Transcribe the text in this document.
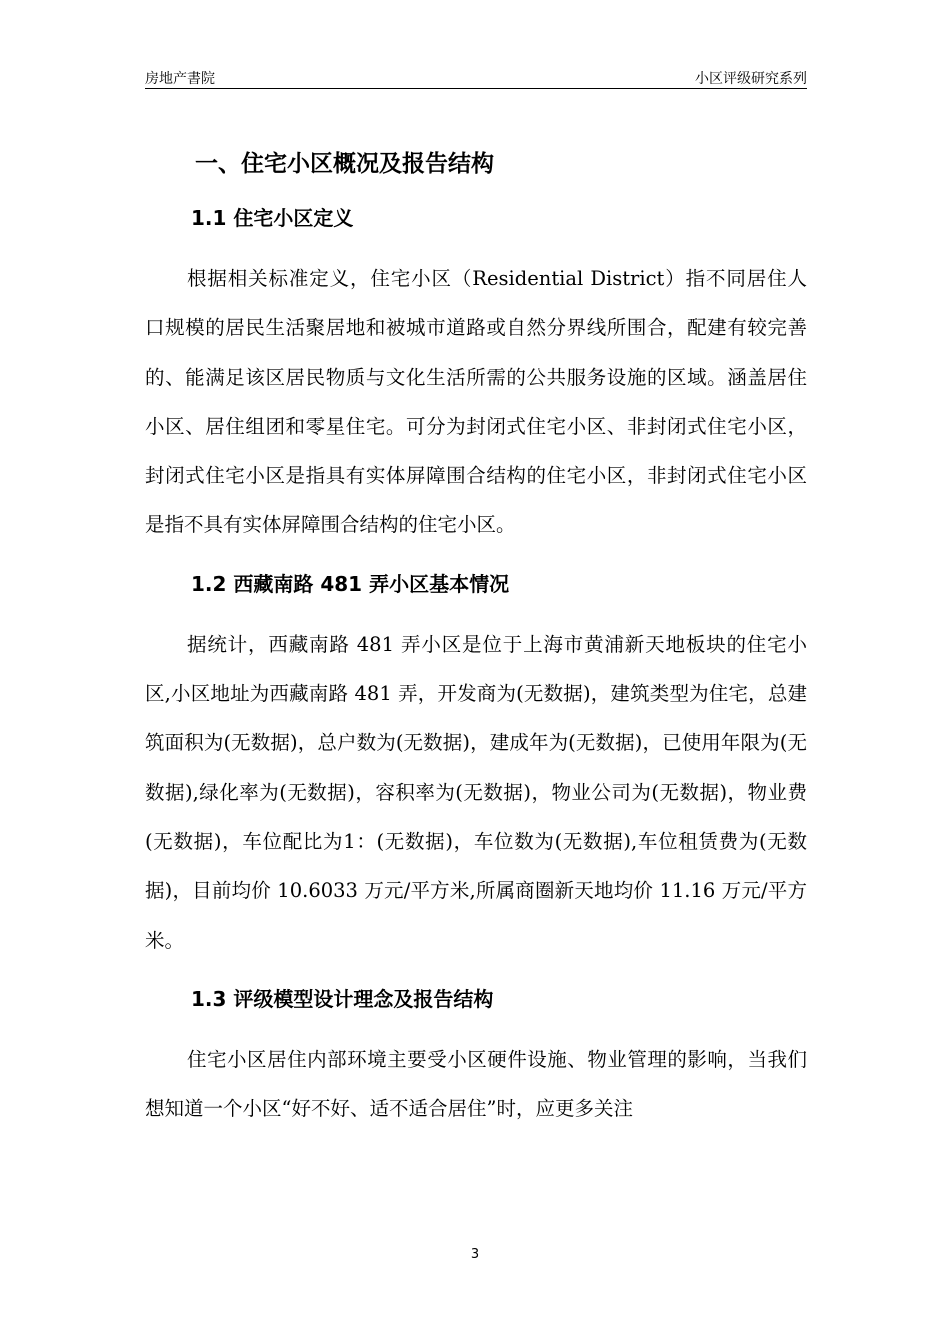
房地产書院	小区评级研究系列
一、住宅小区概况及报告结构
1.1 住宅小区定义

根据相关标准定义，住宅小区（Residential District）指不同居住人口规模的居民生活聚居地和被城市道路或自然分界线所围合，配建有较完善的、能满足该区居民物质与文化生活所需的公共服务设施的区域。涵盖居住小区、居住组团和零星住宅。可分为封闭式住宅小区、非封闭式住宅小区，封闭式住宅小区是指具有实体屏障围合结构的住宅小区，非封闭式住宅小区是指不具有实体屏障围合结构的住宅小区。

1.2 西藏南路 481 弄小区基本情况

据统计，西藏南路 481 弄小区是位于上海市黄浦新天地板块的住宅小区,小区地址为西藏南路 481 弄，开发商为(无数据)，建筑类型为住宅，总建筑面积为(无数据)，总户数为(无数据)，建成年为(无数据)，已使用年限为(无数据),绿化率为(无数据)，容积率为(无数据)，物业公司为(无数据)，物业费(无数据)，车位配比为1：(无数据)，车位数为(无数据),车位租赁费为(无数据)，目前均价 10.6033 万元/平方米,所属商圈新天地均价 11.16 万元/平方米。

1.3 评级模型设计理念及报告结构

住宅小区居住内部环境主要受小区硬件设施、物业管理的影响，当我们想知道一个小区“好不好、适不适合居住”时，应更多关注

3
